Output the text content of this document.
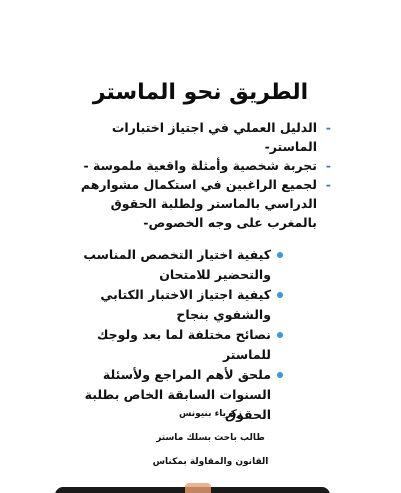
الطريق نحو الماستر
-
الدليل العملي في اجتياز اختبارات الماستر-
-
تجربة شخصية وأمثلة واقعية ملموسة -
-
لجميع الراغبين في استكمال مشوارهم الدراسي بالماستر ولطلبة الحقوق بالمغرب على وجه الخصوص-
كيفية اختيار التخصص المناسب والتحضير للامتحان
كيفية اجتياز الاختبار الكتابي والشفوي بنجاح
نصائح مختلفة لما بعد ولوجك للماستر
ملحق لأهم المراجع ولأسئلة السنوات السابقة الخاص بطلبة الحقوق
زكرياء بنيونس
طالب باحث بسلك ماستر
القانون والمقاولة بمكناس
